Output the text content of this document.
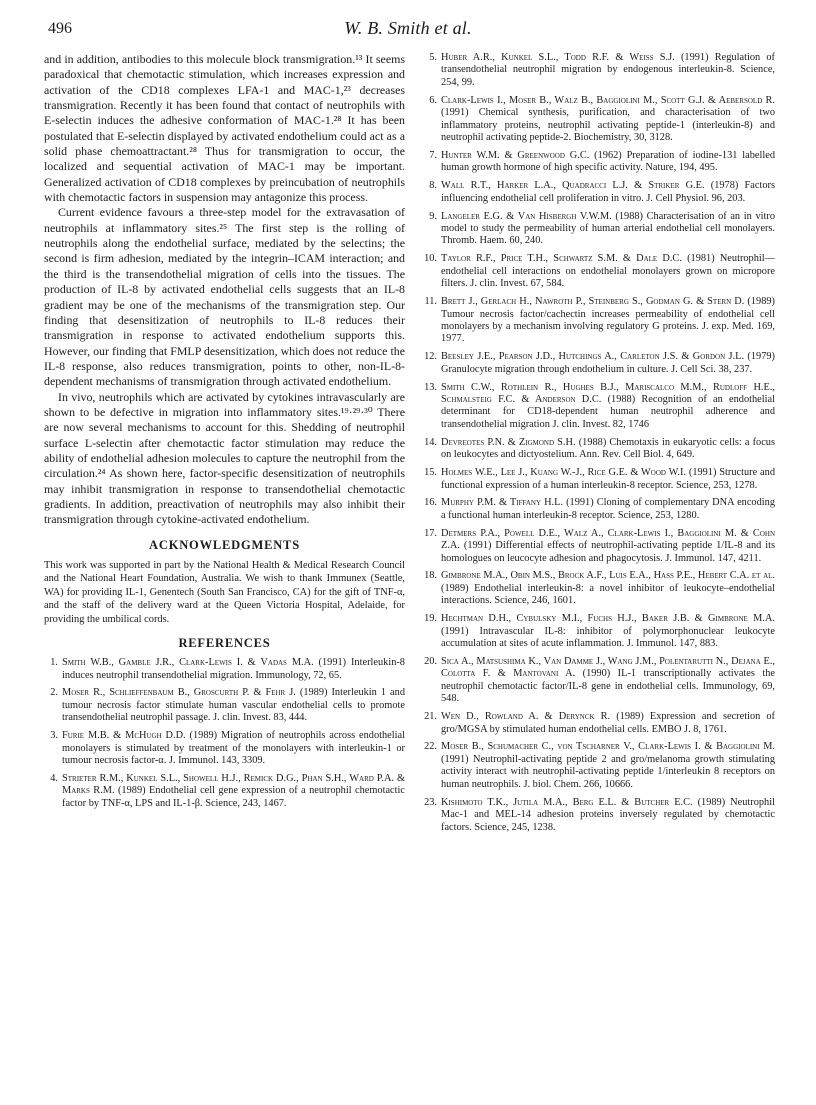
496	W. B. Smith et al.

and in addition, antibodies to this molecule block transmigration.¹³ It seems paradoxical that chemotactic stimulation, which increases expression and activation of the CD18 complexes LFA-1 and MAC-1,²³ decreases transmigration. Recently it has been found that contact of neutrophils with E-selectin induces the adhesive conformation of MAC-1.²⁸ It has been postulated that E-selectin displayed by activated endothelium could act as a solid phase chemoattractant.²⁸ Thus for transmigration to occur, the localized and sequential activation of MAC-1 may be important. Generalized activation of CD18 complexes by preincubation of neutrophils with chemotactic factors in suspension may antagonize this process.

Current evidence favours a three-step model for the extravasation of neutrophils at inflammatory sites.²⁵ The first step is the rolling of neutrophils along the endothelial surface, mediated by the selectins; the second is firm adhesion, mediated by the integrin–ICAM interaction; and the third is the transendothelial migration of cells into the tissues. The production of IL-8 by activated endothelial cells suggests that an IL-8 gradient may be one of the mechanisms of the transmigration step. Our finding that desensitization of neutrophils to IL-8 reduces their transmigration in response to activated endothelium supports this. However, our finding that FMLP desensitization, which does not reduce the IL-8 response, also reduces transmigration, points to other, non-IL-8-dependent mechanisms of transmigration through activated endothelium.

In vivo, neutrophils which are activated by cytokines intravascularly are shown to be defective in migration into inflammatory sites.¹⁹·²⁹·³⁰ There are now several mechanisms to account for this. Shedding of neutrophil surface L-selectin after chemotactic factor stimulation may reduce the ability of endothelial adhesion molecules to capture the neutrophil from the circulation.²⁴ As shown here, factor-specific desensitization of neutrophils may inhibit transmigration in response to transendothelial chemotactic gradients. In addition, preactivation of neutrophils may also inhibit their transmigration through cytokine-activated endothelium.

ACKNOWLEDGMENTS

This work was supported in part by the National Health & Medical Research Council and the National Heart Foundation, Australia. We wish to thank Immunex (Seattle, WA) for providing IL-1, Genentech (South San Francisco, CA) for the gift of TNF-α, and the staff of the delivery ward at the Queen Victoria Hospital, Adelaide, for providing the umbilical cords.

REFERENCES
1. Smith W.B., Gamble J.R., Clark-Lewis I. & Vadas M.A. (1991) Interleukin-8 induces neutrophil transendothelial migration. Immunology, 72, 65.
2. Moser R., Schlieffenbaum B., Groscurth P. & Fehr J. (1989) Interleukin 1 and tumour necrosis factor stimulate human vascular endothelial cells to promote transendothelial neutrophil passage. J. clin. Invest. 83, 444.
3. Furie M.B. & McHugh D.D. (1989) Migration of neutrophils across endothelial monolayers is stimulated by treatment of the monolayers with interleukin-1 or tumour necrosis factor-α. J. Immunol. 143, 3309.
4. Strieter R.M., Kunkel S.L., Showell H.J., Remick D.G., Phan S.H., Ward P.A. & Marks R.M. (1989) Endothelial cell gene expression of a neutrophil chemotactic factor by TNF-α, LPS and IL-1-β. Science, 243, 1467.
5. Huber A.R., Kunkel S.L., Todd R.F. & Weiss S.J. (1991) Regulation of transendothelial neutrophil migration by endogenous interleukin-8. Science, 254, 99.
6. Clark-Lewis I., Moser B., Walz B., Baggiolini M., Scott G.J. & Aebersold R. (1991) Chemical synthesis, purification, and characterisation of two inflammatory proteins, neutrophil activating peptide-1 (interleukin-8) and neutrophil activating peptide-2. Biochemistry, 30, 3128.
7. Hunter W.M. & Greenwood G.C. (1962) Preparation of iodine-131 labelled human growth hormone of high specific activity. Nature, 194, 495.
8. Wall R.T., Harker L.A., Quadracci L.J. & Striker G.E. (1978) Factors influencing endothelial cell proliferation in vitro. J. Cell Physiol. 96, 203.
9. Langeler E.G. & Van Hisbergh V.W.M. (1988) Characterisation of an in vitro model to study the permeability of human arterial endothelial cell monolayers. Thromb. Haem. 60, 240.
10. Taylor R.F., Price T.H., Schwartz S.M. & Dale D.C. (1981) Neutrophil—endothelial cell interactions on endothelial monolayers grown on micropore filters. J. clin. Invest. 67, 584.
11. Brett J., Gerlach H., Nawroth P., Steinberg S., Godman G. & Stern D. (1989) Tumour necrosis factor/cachectin increases permeability of endothelial cell monolayers by a mechanism involving regulatory G proteins. J. exp. Med. 169, 1977.
12. Beesley J.E., Pearson J.D., Hutchings A., Carleton J.S. & Gordon J.L. (1979) Granulocyte migration through endothelium in culture. J. Cell Sci. 38, 237.
13. Smith C.W., Rothlein R., Hughes B.J., Mariscalco M.M., Rudloff H.E., Schmalsteig F.C. & Anderson D.C. (1988) Recognition of an endothelial determinant for CD18-dependent human neutrophil adherence and transendothelial migration J. clin. Invest. 82, 1746
14. Devreotes P.N. & Zigmond S.H. (1988) Chemotaxis in eukaryotic cells: a focus on leukocytes and dictyostelium. Ann. Rev. Cell Biol. 4, 649.
15. Holmes W.E., Lee J., Kuang W.-J., Rice G.E. & Wood W.I. (1991) Structure and functional expression of a human interleukin-8 receptor. Science, 253, 1278.
16. Murphy P.M. & Tiffany H.L. (1991) Cloning of complementary DNA encoding a functional human interleukin-8 receptor. Science, 253, 1280.
17. Detmers P.A., Powell D.E., Walz A., Clark-Lewis I., Baggiolini M. & Cohn Z.A. (1991) Differential effects of neutrophil-activating peptide 1/IL-8 and its homologues on leucocyte adhesion and phagocytosis. J. Immunol. 147, 4211.
18. Gimbrone M.A., Obin M.S., Brock A.F., Luis E.A., Hass P.E., Hebert C.A. et al. (1989) Endothelial interleukin-8: a novel inhibitor of leukocyte–endothelial interactions. Science, 246, 1601.
19. Hechtman D.H., Cybulsky M.I., Fuchs H.J., Baker J.B. & Gimbrone M.A. (1991) Intravascular IL-8: inhibitor of polymorphonuclear leukocyte accumulation at sites of acute inflammation. J. Immunol. 147, 883.
20. Sica A., Matsushima K., Van Damme J., Wang J.M., Polentarutti N., Dejana E., Colotta F. & Mantovani A. (1990) IL-1 transcriptionally activates the neutrophil chemotactic factor/IL-8 gene in endothelial cells. Immunology, 69, 548.
21. Wen D., Rowland A. & Derynck R. (1989) Expression and secretion of gro/MGSA by stimulated human endothelial cells. EMBO J. 8, 1761.
22. Moser B., Schumacher C., von Tscharner V., Clark-Lewis I. & Baggiolini M. (1991) Neutrophil-activating peptide 2 and gro/melanoma growth stimulating activity interact with neutrophil-activating peptide 1/interleukin 8 receptors on human neutrophils. J. biol. Chem. 266, 10666.
23. Kishimoto T.K., Jutila M.A., Berg E.L. & Butcher E.C. (1989) Neutrophil Mac-1 and MEL-14 adhesion proteins inversely regulated by chemotactic factors. Science, 245, 1238.
